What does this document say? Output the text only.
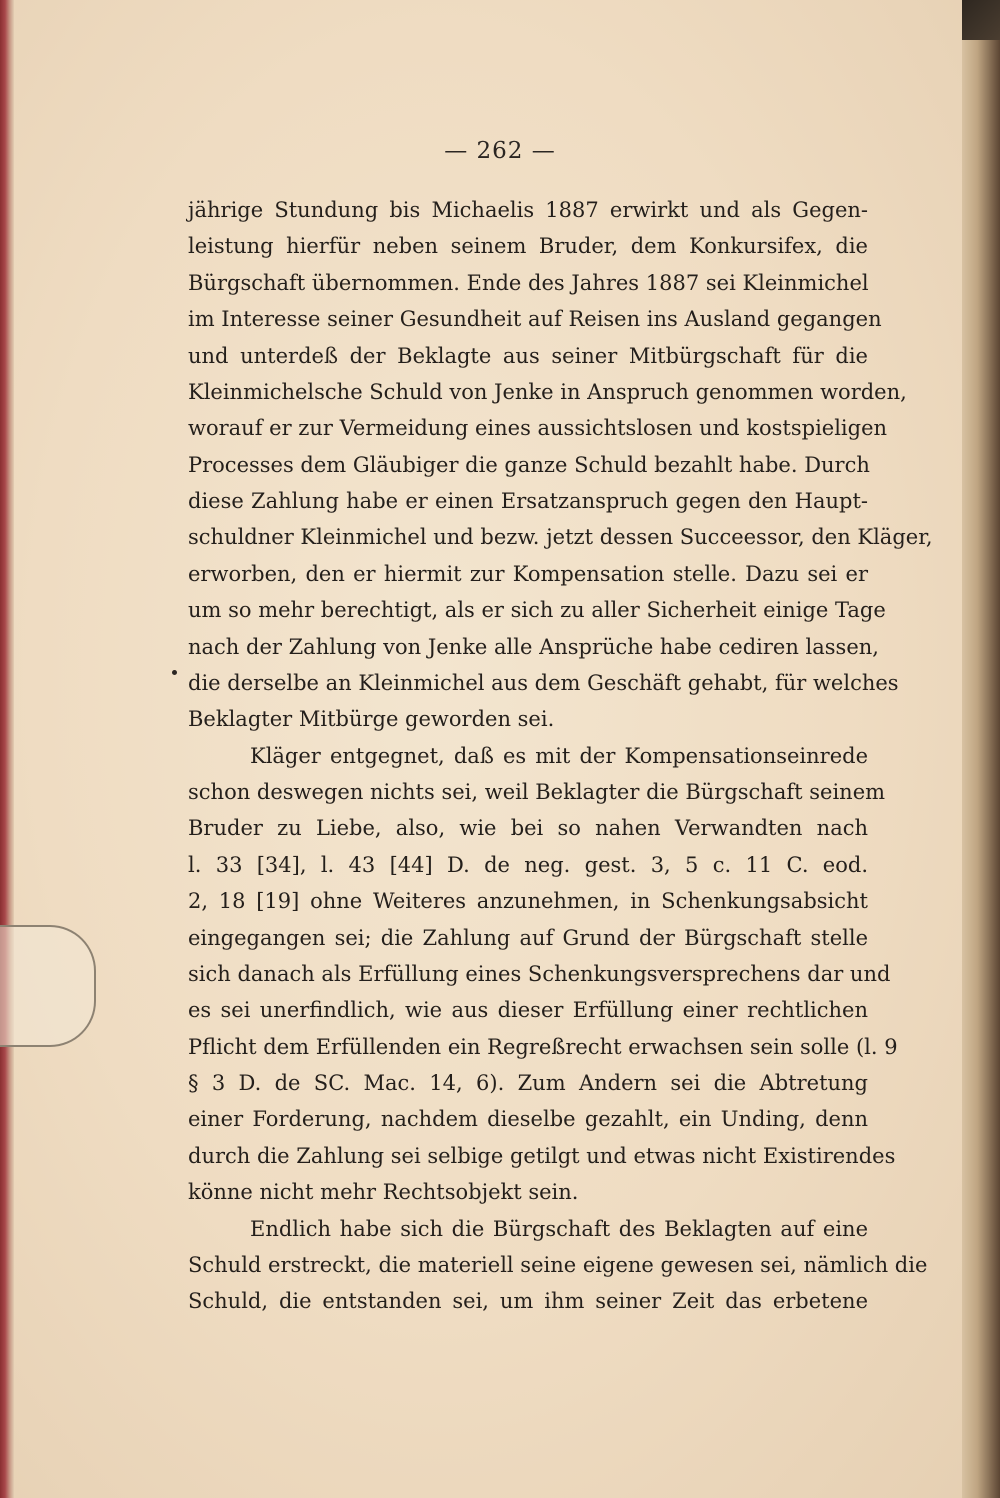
— 262 —
jährige Stundung bis Michaelis 1887 erwirkt und als Gegen-
leistung hierfür neben seinem Bruder, dem Konkursifex, die
Bürgschaft übernommen. Ende des Jahres 1887 sei Kleinmichel
im Interesse seiner Gesundheit auf Reisen ins Ausland gegangen
und unterdeß der Beklagte aus seiner Mitbürgschaft für die
Kleinmichelsche Schuld von Jenke in Anspruch genommen worden,
worauf er zur Vermeidung eines aussichtslosen und kostspieligen
Processes dem Gläubiger die ganze Schuld bezahlt habe. Durch
diese Zahlung habe er einen Ersatzanspruch gegen den Haupt-
schuldner Kleinmichel und bezw. jetzt dessen Succeessor, den Kläger,
erworben, den er hiermit zur Kompensation stelle. Dazu sei er
um so mehr berechtigt, als er sich zu aller Sicherheit einige Tage
nach der Zahlung von Jenke alle Ansprüche habe cediren lassen,
die derselbe an Kleinmichel aus dem Geschäft gehabt, für welches
Beklagter Mitbürge geworden sei.
Kläger entgegnet, daß es mit der Kompensationseinrede
schon deswegen nichts sei, weil Beklagter die Bürgschaft seinem
Bruder zu Liebe, also, wie bei so nahen Verwandten nach
l. 33 [34], l. 43 [44] D. de neg. gest. 3, 5 c. 11 C. eod.
2, 18 [19] ohne Weiteres anzunehmen, in Schenkungsabsicht
eingegangen sei; die Zahlung auf Grund der Bürgschaft stelle
sich danach als Erfüllung eines Schenkungsversprechens dar und
es sei unerfindlich, wie aus dieser Erfüllung einer rechtlichen
Pflicht dem Erfüllenden ein Regreßrecht erwachsen sein solle (l. 9
§ 3 D. de SC. Mac. 14, 6). Zum Andern sei die Abtretung
einer Forderung, nachdem dieselbe gezahlt, ein Unding, denn
durch die Zahlung sei selbige getilgt und etwas nicht Existirendes
könne nicht mehr Rechtsobjekt sein.
Endlich habe sich die Bürgschaft des Beklagten auf eine
Schuld erstreckt, die materiell seine eigene gewesen sei, nämlich die
Schuld, die entstanden sei, um ihm seiner Zeit das erbetene
